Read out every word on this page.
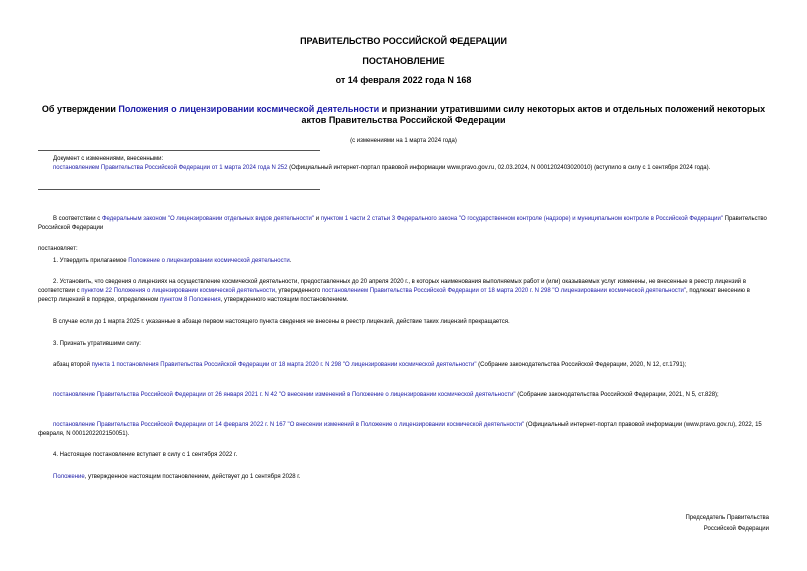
ПРАВИТЕЛЬСТВО РОССИЙСКОЙ ФЕДЕРАЦИИ
ПОСТАНОВЛЕНИЕ
от 14 февраля 2022 года N 168
Об утверждении Положения о лицензировании космической деятельности и признании утратившими силу некоторых актов и отдельных положений некоторых актов Правительства Российской Федерации
(с изменениями на 1 марта 2024 года)
Документ с изменениями, внесенными:
постановлением Правительства Российской Федерации от 1 марта 2024 года N 252 (Официальный интернет-портал правовой информации www.pravo.gov.ru, 02.03.2024, N 0001202403020010) (вступило в силу с 1 сентября 2024 года).
В соответствии с Федеральным законом "О лицензировании отдельных видов деятельности" и пунктом 1 части 2 статьи 3 Федерального закона "О государственном контроле (надзоре) и муниципальном контроле в Российской Федерации" Правительство Российской Федерации
постановляет:
1. Утвердить прилагаемое Положение о лицензировании космической деятельности.
2. Установить, что сведения о лицензиях на осуществление космической деятельности, предоставленных до 20 апреля 2020 г., в которых наименования выполняемых работ и (или) оказываемых услуг изменены, не внесенные в реестр лицензий в соответствии с пунктом 22 Положения о лицензировании космической деятельности, утвержденного постановлением Правительства Российской Федерации от 18 марта 2020 г. N 298 "О лицензировании космической деятельности", подлежат внесению в реестр лицензий в порядке, определенном пунктом 8 Положения, утвержденного настоящим постановлением.
В случае если до 1 марта 2025 г. указанные в абзаце первом настоящего пункта сведения не внесены в реестр лицензий, действие таких лицензий прекращается.
3. Признать утратившими силу:
абзац второй пункта 1 постановления Правительства Российской Федерации от 18 марта 2020 г. N 298 "О лицензировании космической деятельности" (Собрание законодательства Российской Федерации, 2020, N 12, ст.1791);
постановление Правительства Российской Федерации от 26 января 2021 г. N 42 "О внесении изменений в Положение о лицензировании космической деятельности" (Собрание законодательства Российской Федерации, 2021, N 5, ст.828);
постановление Правительства Российской Федерации от 14 февраля 2022 г. N 167 "О внесении изменений в Положение о лицензировании космической деятельности" (Официальный интернет-портал правовой информации (www.pravo.gov.ru), 2022, 15 февраля, N 0001202202150051).
4. Настоящее постановление вступает в силу с 1 сентября 2022 г.
Положение, утвержденное настоящим постановлением, действует до 1 сентября 2028 г.
Председатель Правительства
Российской Федерации
